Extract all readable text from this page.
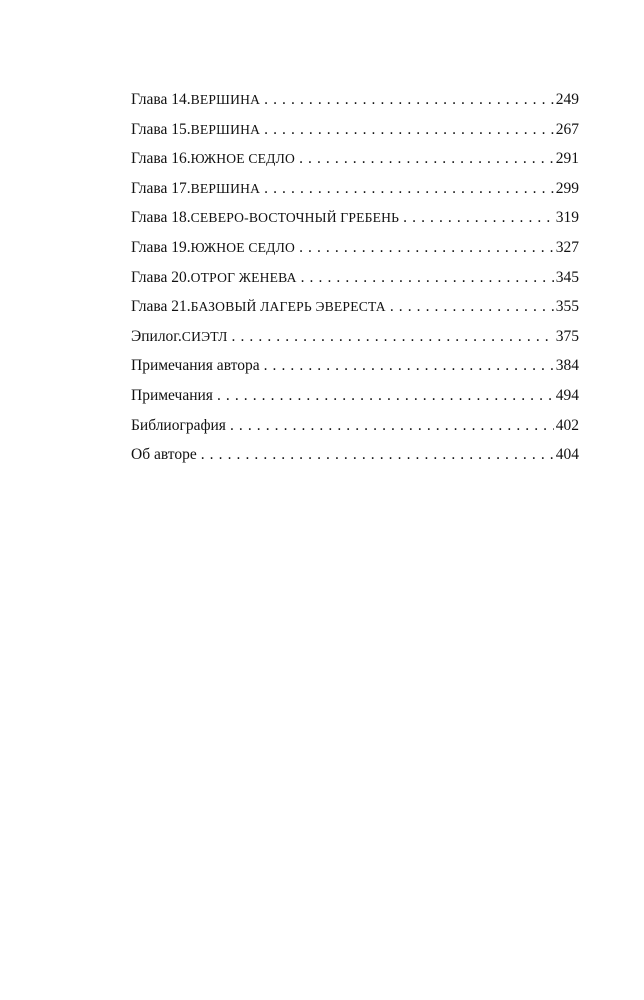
Глава 14. ВЕРШИНА . . .	249
Глава 15. ВЕРШИНА . . .	267
Глава 16. ЮЖНОЕ СЕДЛО . . .	291
Глава 17. ВЕРШИНА . . .	299
Глава 18. СЕВЕРО-ВОСТОЧНЫЙ ГРЕБЕНЬ . . .	319
Глава 19. ЮЖНОЕ СЕДЛО . . .	327
Глава 20. ОТРОГ ЖЕНЕВА . . .	345
Глава 21. БАЗОВЫЙ ЛАГЕРЬ ЭВЕРЕСТА . . .	355
Эпилог. СИЭТЛ . . .	375
Примечания автора . . .	384
Примечания . . .	494
Библиография . . .	402
Об авторе . . .	404
